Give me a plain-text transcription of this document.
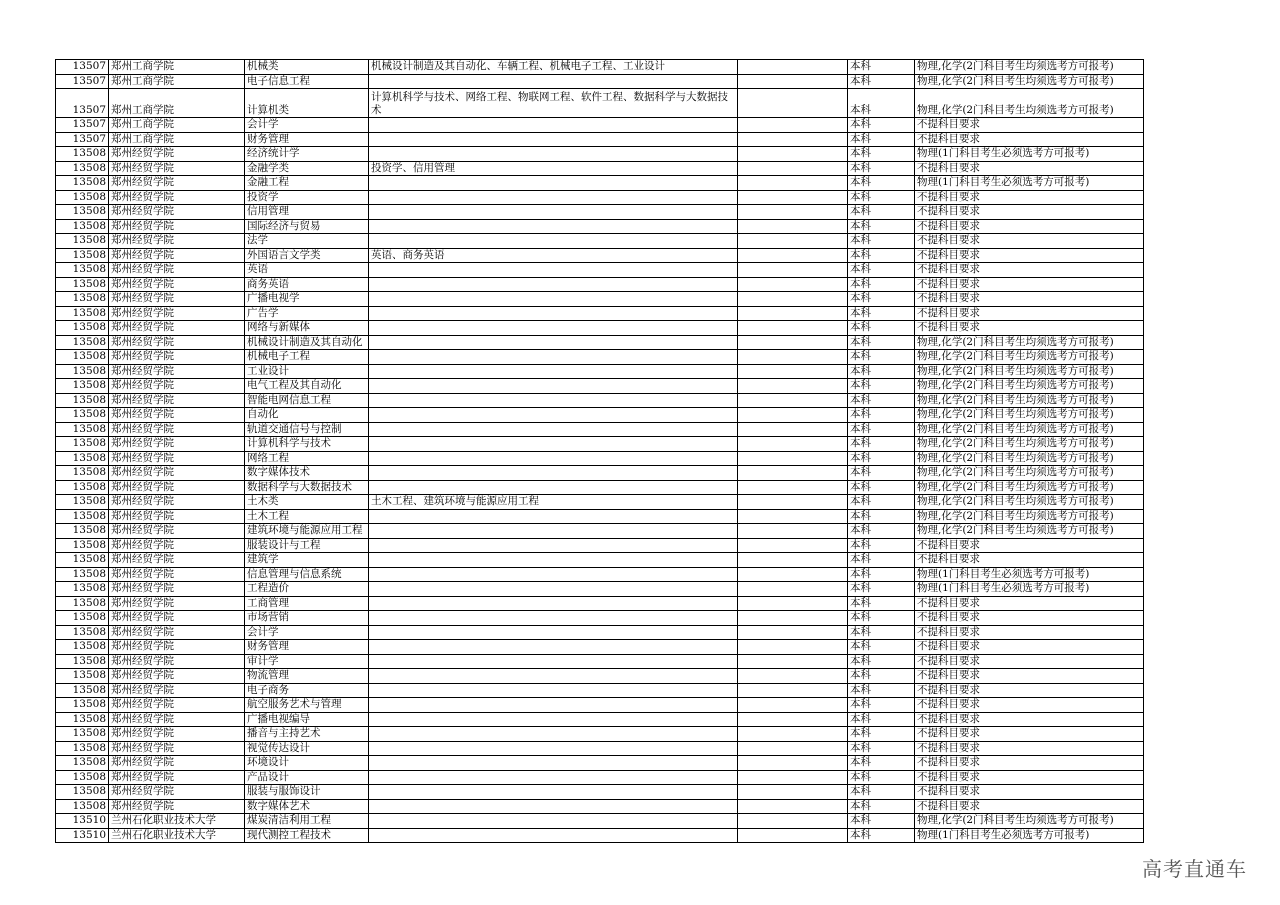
13507	郑州工商学院	机械类	机械设计制造及其自动化、车辆工程、机械电子工程、工业设计		本科	物理,化学(2门科目考生均须选考方可报考)
13507	郑州工商学院	电子信息工程			本科	物理,化学(2门科目考生均须选考方可报考)
13507	郑州工商学院	计算机类	计算机科学与技术、网络工程、物联网工程、软件工程、数据科学与大数据技术		本科	物理,化学(2门科目考生均须选考方可报考)
13507	郑州工商学院	会计学			本科	不提科目要求
13507	郑州工商学院	财务管理			本科	不提科目要求
13508	郑州经贸学院	经济统计学			本科	物理(1门科目考生必须选考方可报考)
13508	郑州经贸学院	金融学类	投资学、信用管理		本科	不提科目要求
13508	郑州经贸学院	金融工程			本科	物理(1门科目考生必须选考方可报考)
13508	郑州经贸学院	投资学			本科	不提科目要求
13508	郑州经贸学院	信用管理			本科	不提科目要求
13508	郑州经贸学院	国际经济与贸易			本科	不提科目要求
13508	郑州经贸学院	法学			本科	不提科目要求
13508	郑州经贸学院	外国语言文学类	英语、商务英语		本科	不提科目要求
13508	郑州经贸学院	英语			本科	不提科目要求
13508	郑州经贸学院	商务英语			本科	不提科目要求
13508	郑州经贸学院	广播电视学			本科	不提科目要求
13508	郑州经贸学院	广告学			本科	不提科目要求
13508	郑州经贸学院	网络与新媒体			本科	不提科目要求
13508	郑州经贸学院	机械设计制造及其自动化			本科	物理,化学(2门科目考生均须选考方可报考)
13508	郑州经贸学院	机械电子工程			本科	物理,化学(2门科目考生均须选考方可报考)
13508	郑州经贸学院	工业设计			本科	物理,化学(2门科目考生均须选考方可报考)
13508	郑州经贸学院	电气工程及其自动化			本科	物理,化学(2门科目考生均须选考方可报考)
13508	郑州经贸学院	智能电网信息工程			本科	物理,化学(2门科目考生均须选考方可报考)
13508	郑州经贸学院	自动化			本科	物理,化学(2门科目考生均须选考方可报考)
13508	郑州经贸学院	轨道交通信号与控制			本科	物理,化学(2门科目考生均须选考方可报考)
13508	郑州经贸学院	计算机科学与技术			本科	物理,化学(2门科目考生均须选考方可报考)
13508	郑州经贸学院	网络工程			本科	物理,化学(2门科目考生均须选考方可报考)
13508	郑州经贸学院	数字媒体技术			本科	物理,化学(2门科目考生均须选考方可报考)
13508	郑州经贸学院	数据科学与大数据技术			本科	物理,化学(2门科目考生均须选考方可报考)
13508	郑州经贸学院	土木类	土木工程、建筑环境与能源应用工程		本科	物理,化学(2门科目考生均须选考方可报考)
13508	郑州经贸学院	土木工程			本科	物理,化学(2门科目考生均须选考方可报考)
13508	郑州经贸学院	建筑环境与能源应用工程			本科	物理,化学(2门科目考生均须选考方可报考)
13508	郑州经贸学院	服装设计与工程			本科	不提科目要求
13508	郑州经贸学院	建筑学			本科	不提科目要求
13508	郑州经贸学院	信息管理与信息系统			本科	物理(1门科目考生必须选考方可报考)
13508	郑州经贸学院	工程造价			本科	物理(1门科目考生必须选考方可报考)
13508	郑州经贸学院	工商管理			本科	不提科目要求
13508	郑州经贸学院	市场营销			本科	不提科目要求
13508	郑州经贸学院	会计学			本科	不提科目要求
13508	郑州经贸学院	财务管理			本科	不提科目要求
13508	郑州经贸学院	审计学			本科	不提科目要求
13508	郑州经贸学院	物流管理			本科	不提科目要求
13508	郑州经贸学院	电子商务			本科	不提科目要求
13508	郑州经贸学院	航空服务艺术与管理			本科	不提科目要求
13508	郑州经贸学院	广播电视编导			本科	不提科目要求
13508	郑州经贸学院	播音与主持艺术			本科	不提科目要求
13508	郑州经贸学院	视觉传达设计			本科	不提科目要求
13508	郑州经贸学院	环境设计			本科	不提科目要求
13508	郑州经贸学院	产品设计			本科	不提科目要求
13508	郑州经贸学院	服装与服饰设计			本科	不提科目要求
13508	郑州经贸学院	数字媒体艺术			本科	不提科目要求
13510	兰州石化职业技术大学	煤炭清洁利用工程			本科	物理,化学(2门科目考生均须选考方可报考)
13510	兰州石化职业技术大学	现代测控工程技术			本科	物理(1门科目考生必须选考方可报考)
高考直通车
